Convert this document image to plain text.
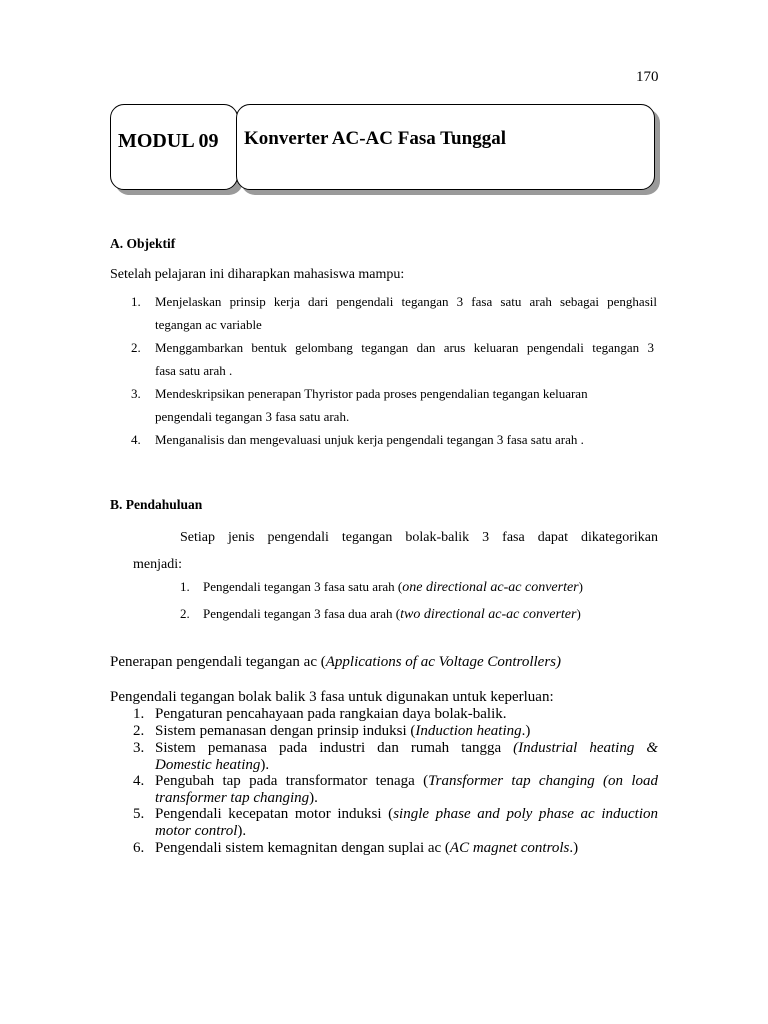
170
MODUL 09 Konverter AC-AC Fasa Tunggal
A. Objektif
Setelah pelajaran ini diharapkan mahasiswa mampu:
1. Menjelaskan prinsip kerja dari pengendali tegangan 3 fasa satu arah sebagai penghasil
tegangan ac variable
2. Menggambarkan bentuk gelombang tegangan dan arus keluaran pengendali tegangan 3
fasa satu arah .
3. Mendeskripsikan penerapan Thyristor pada proses pengendalian tegangan keluaran
pengendali tegangan 3 fasa satu arah.
4. Menganalisis dan mengevaluasi unjuk kerja pengendali tegangan 3 fasa satu arah .
B. Pendahuluan
Setiap jenis pengendali tegangan bolak-balik 3 fasa dapat dikategorikan
menjadi:
1. Pengendali tegangan 3 fasa satu arah (one directional ac-ac converter)
2. Pengendali tegangan 3 fasa dua arah (two directional ac-ac converter)
Penerapan pengendali tegangan ac (Applications of ac Voltage Controllers)
Pengendali tegangan bolak balik 3 fasa untuk digunakan untuk keperluan:
1. Pengaturan pencahayaan pada rangkaian daya bolak-balik.
2. Sistem pemanasan dengan prinsip induksi (Induction heating.)
3. Sistem pemanasa pada industri dan rumah tangga (Industrial heating &
Domestic heating).
4. Pengubah tap pada transformator tenaga (Transformer tap changing (on load
transformer tap changing).
5. Pengendali kecepatan motor induksi (single phase and poly phase ac induction
motor control).
6. Pengendali sistem kemagnitan dengan suplai ac (AC magnet controls.)
